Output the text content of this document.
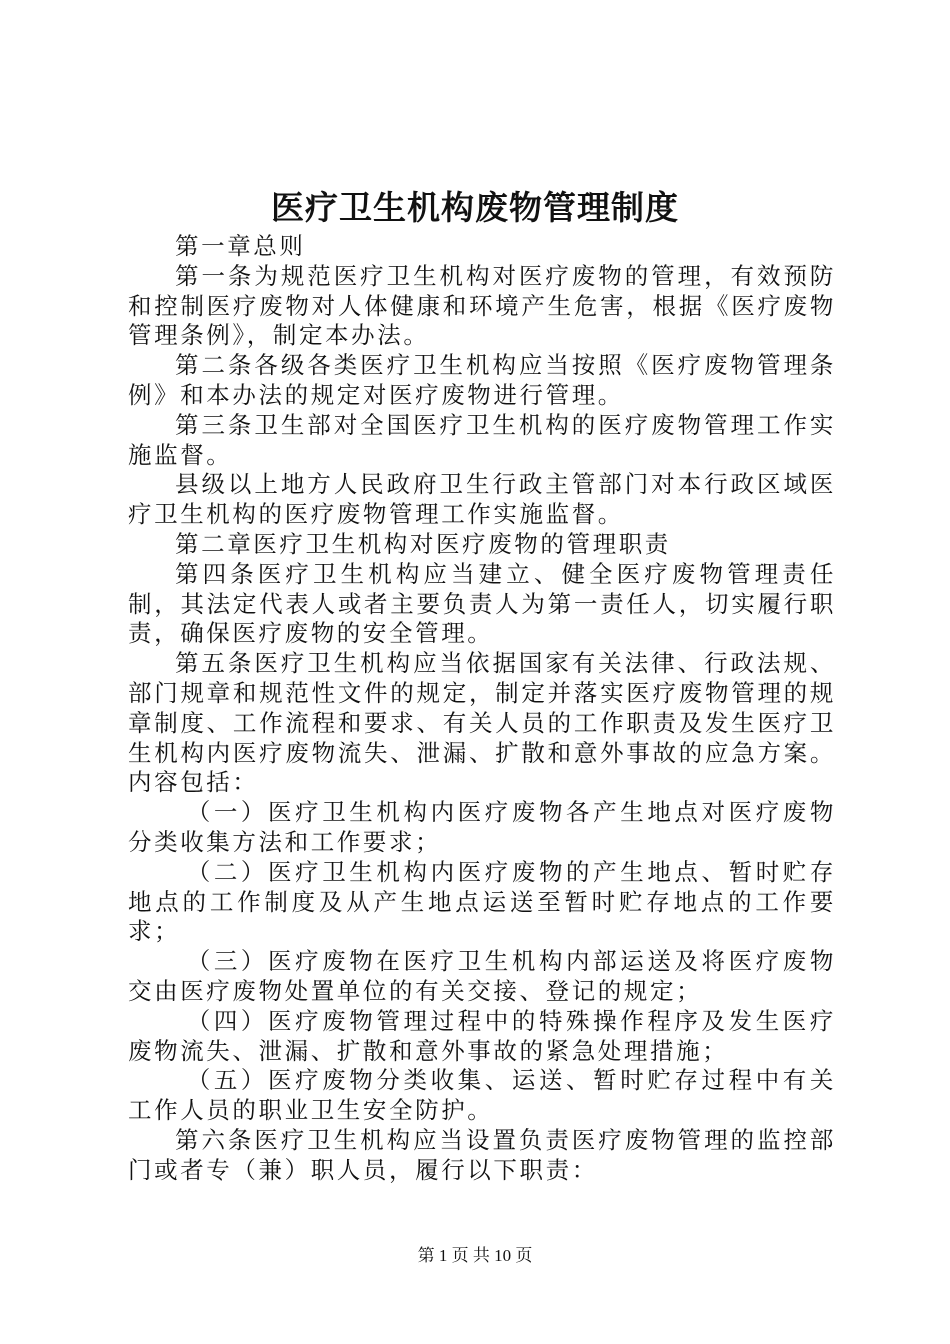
医疗卫生机构废物管理制度

第一章总则

第一条为规范医疗卫生机构对医疗废物的管理，有效预防和控制医疗废物对人体健康和环境产生危害，根据《医疗废物管理条例》，制定本办法。

第二条各级各类医疗卫生机构应当按照《医疗废物管理条例》和本办法的规定对医疗废物进行管理。

第三条卫生部对全国医疗卫生机构的医疗废物管理工作实施监督。

县级以上地方人民政府卫生行政主管部门对本行政区域医疗卫生机构的医疗废物管理工作实施监督。

第二章医疗卫生机构对医疗废物的管理职责

第四条医疗卫生机构应当建立、健全医疗废物管理责任制，其法定代表人或者主要负责人为第一责任人，切实履行职责，确保医疗废物的安全管理。

第五条医疗卫生机构应当依据国家有关法律、行政法规、部门规章和规范性文件的规定，制定并落实医疗废物管理的规章制度、工作流程和要求、有关人员的工作职责及发生医疗卫生机构内医疗废物流失、泄漏、扩散和意外事故的应急方案。内容包括：

（一）医疗卫生机构内医疗废物各产生地点对医疗废物分类收集方法和工作要求；

（二）医疗卫生机构内医疗废物的产生地点、暂时贮存地点的工作制度及从产生地点运送至暂时贮存地点的工作要求；

（三）医疗废物在医疗卫生机构内部运送及将医疗废物交由医疗废物处置单位的有关交接、登记的规定；

（四）医疗废物管理过程中的特殊操作程序及发生医疗废物流失、泄漏、扩散和意外事故的紧急处理措施；

（五）医疗废物分类收集、运送、暂时贮存过程中有关工作人员的职业卫生安全防护。

第六条医疗卫生机构应当设置负责医疗废物管理的监控部门或者专（兼）职人员，履行以下职责：

第 1 页 共 10 页
